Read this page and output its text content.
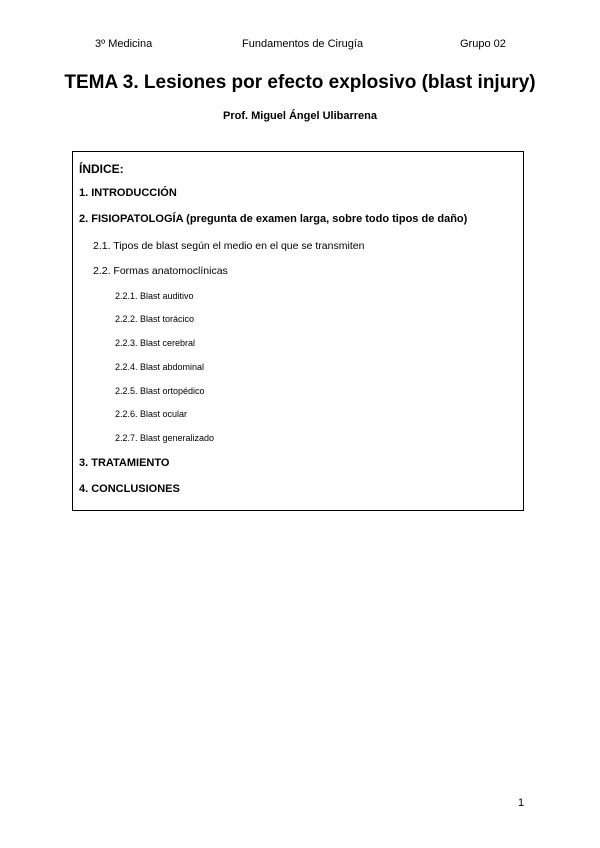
3º Medicina	Fundamentos de Cirugía	Grupo 02
TEMA 3. Lesiones por efecto explosivo (blast injury)
Prof. Miguel Ángel Ulibarrena
ÍNDICE:
1. INTRODUCCIÓN
2. FISIOPATOLOGÍA (pregunta de examen larga, sobre todo tipos de daño)
2.1. Tipos de blast según el medio en el que se transmiten
2.2. Formas anatomoclínicas
2.2.1. Blast auditivo
2.2.2. Blast torácico
2.2.3. Blast cerebral
2.2.4. Blast abdominal
2.2.5. Blast ortopédico
2.2.6. Blast ocular
2.2.7. Blast generalizado
3. TRATAMIENTO
4. CONCLUSIONES
1
